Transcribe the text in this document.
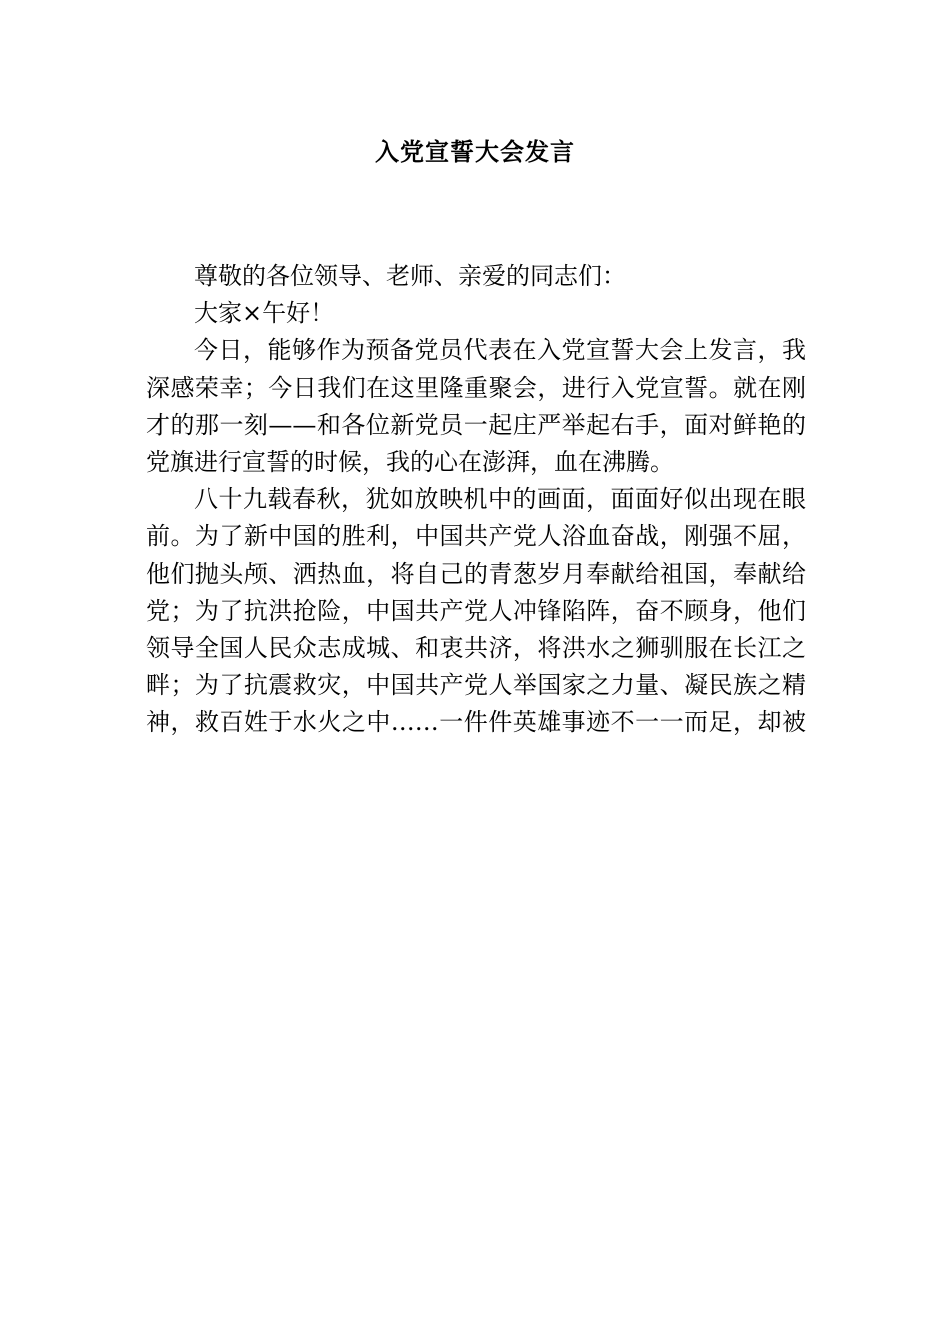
入党宣誓大会发言

尊敬的各位领导、老师、亲爱的同志们：

大家×午好！

今日，能够作为预备党员代表在入党宣誓大会上发言，我深感荣幸；今日我们在这里隆重聚会，进行入党宣誓。就在刚才的那一刻——和各位新党员一起庄严举起右手，面对鲜艳的党旗进行宣誓的时候，我的心在澎湃，血在沸腾。

八十九载春秋，犹如放映机中的画面，面面好似出现在眼前。为了新中国的胜利，中国共产党人浴血奋战，刚强不屈，他们抛头颅、洒热血，将自己的青葱岁月奉献给祖国，奉献给党；为了抗洪抢险，中国共产党人冲锋陷阵，奋不顾身，他们领导全国人民众志成城、和衷共济，将洪水之狮驯服在长江之畔；为了抗震救灾，中国共产党人举国家之力量、凝民族之精神，救百姓于水火之中……一件件英雄事迹不一一而足，却被
